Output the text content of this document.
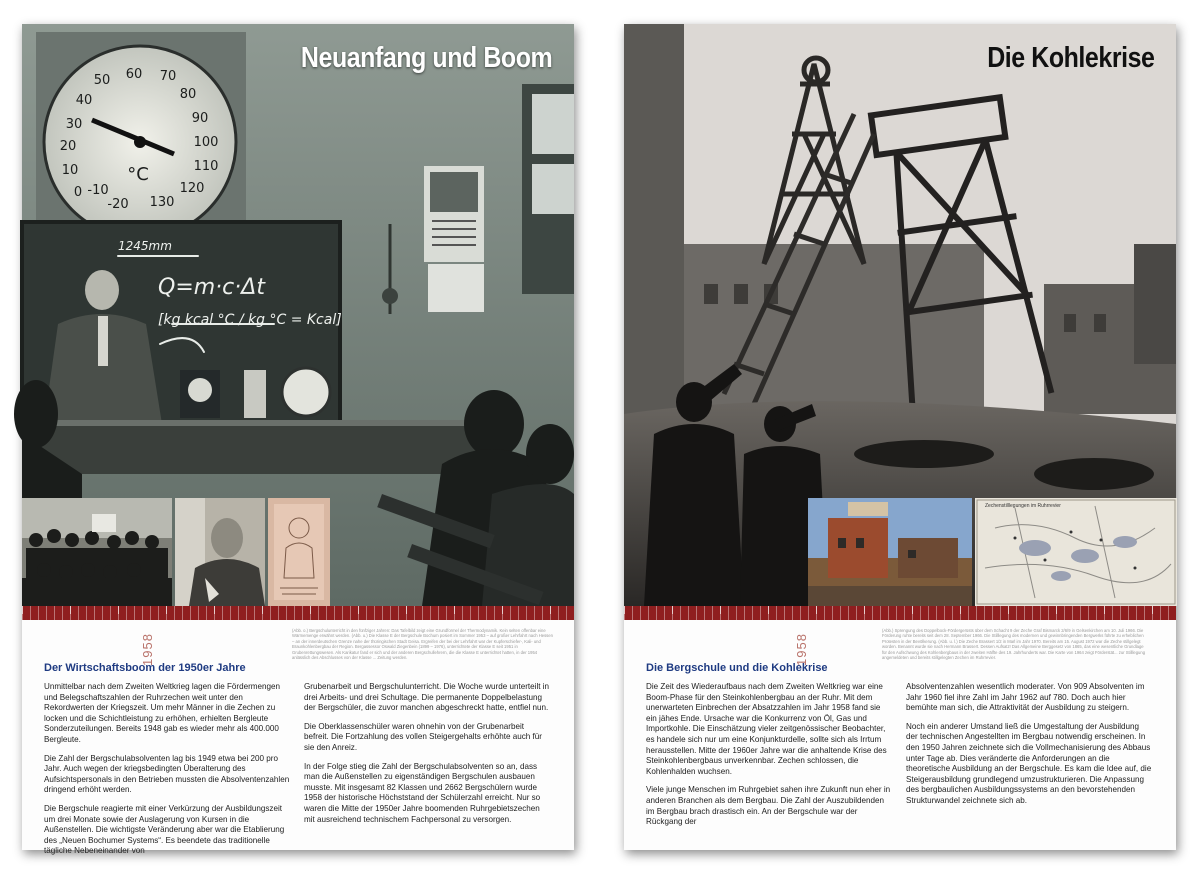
60 70
50
40
30
20
10
0 -10
-20 130
120
110
100
90
80
°C
1245mm
Q=m·c·Δt
[kg kcal °C / kg °C = Kcal]
Neuanfang und Boom
1958
(Abb. o.) Bergschulunterricht in den fünfziger Jahren: Das Tafelbild zeigt eine Grundformel der Thermodynamik. Kein selten offenbar eine Wärmemenge erwähnt werden. (Abb. u.) Die Klasse E der Bergschule Bochum posiert im Sommer 1953 – auf großer Lehrfahrt nach Hessen – an der innerdeutschen Grenze nahe der thüringischen Stadt Geisa. Ergreifen der bei der Lehrfahrt war der Kupferschiefer-, Kali- und Braunkohlenbergbau der Region. Bergassessor Oswald Ziegenbein (1899 – 1976), unterrichtete der Klasse E seit 1951 in Grubenrettungswesen. Als Karikatur fand er sich und der anderen Bergschullehrern, die die Klasse E unterrichtet hatten, in der 1954 anlässlich des Abschlusses von der Klasse ... Zeitung werden.
Der Wirtschaftsboom der 1950er Jahre

Unmittelbar nach dem Zweiten Weltkrieg lagen die Fördermengen und Belegschaftszahlen der Ruhrzechen weit unter den Rekordwerten der Kriegszeit. Um mehr Männer in die Zechen zu locken und die Schichtleistung zu erhöhen, erhielten Bergleute Sonderzuteilungen. Bereits 1948 gab es wieder mehr als 400.000 Bergleute.

Die Zahl der Bergschulabsolventen lag bis 1949 etwa bei 200 pro Jahr. Auch wegen der kriegsbedingten Überalterung des Aufsichtspersonals in den Betrieben mussten die Absolventenzahlen dringend erhöht werden.

Die Bergschule reagierte mit einer Verkürzung der Ausbildungszeit um drei Monate sowie der Auslagerung von Kursen in die Außenstellen. Die wichtigste Veränderung aber war die Etablierung des „Neuen Bochumer Systems“. Es beendete das traditionelle tägliche Nebeneinander von

Grubenarbeit und Bergschulunterricht. Die Woche wurde unterteilt in drei Arbeits- und drei Schultage. Die permanente Doppelbelastung der Bergschüler, die zuvor manchen abgeschreckt hatte, entfiel nun.

Die Oberklassenschüler waren ohnehin von der Grubenarbeit befreit. Die Fortzahlung des vollen Steigergehalts erhöhte auch für sie den Anreiz.

In der Folge stieg die Zahl der Bergschulabsolventen so an, dass man die Außenstellen zu eigenständigen Bergschulen ausbauen musste. Mit insgesamt 82 Klassen und 2662 Bergschülern wurde 1958 der historische Höchststand der Schülerzahl erreicht. Nur so waren die Mitte der 1950er Jahre boomenden Ruhrgebietszechen mit ausreichend technischem Fachpersonal zu versorgen.

Die Kohlekrise
Zechenstilllegungen im Ruhrrevier
1958
(Abb.) Sprengung des Doppelbock-Fördergerüsts über dem Schacht 9 der Zeche Graf Bismarck 2/6/9 in Gelsenkirchen am 10. Juli 1966. Die Förderung ruhte bereits seit dem 28. September 1966. Die Stilllegung des modernen und gewinnbringenden Bergwerks führte zu erheblichen Protesten in der Bevölkerung. (Abb. u. l.) Die Zeche Brassert 1/2 in Marl im Jahr 1970. Bereits am 15. August 1972 war die Zeche stillgelegt worden. Benannt wurde sie nach Hermann Brassert. Dessen Aufsatz! Das Allgemeine Berggesetz von 1865, das eine wesentliche Grundlage für den Aufschwung des Kohlenbergbaus in der zweiten Hälfte des 19. Jahrhunderts war. Die Karte von 1964 zeigt Förderstät... zur Stilllegung angemeldeten und bereits stillgelegten Zechen im Ruhrrevier.
Die Bergschule und die Kohlekrise

Die Zeit des Wiederaufbaus nach dem Zweiten Weltkrieg war eine Boom-Phase für den Steinkohlenbergbau an der Ruhr. Mit dem unerwarteten Einbrechen der Absatzzahlen im Jahr 1958 fand sie ein jähes Ende. Ursache war die Konkurrenz von Öl, Gas und Importkohle. Die Einschätzung vieler zeitgenössischer Beobachter, es handele sich nur um eine Konjunkturdelle, sollte sich als Irrtum herausstellen. Mitte der 1960er Jahre war die anhaltende Krise des Steinkohlenbergbaus unverkennbar. Zechen schlossen, die Kohlenhalden wuchsen.

Viele junge Menschen im Ruhrgebiet sahen ihre Zukunft nun eher in anderen Branchen als dem Bergbau. Die Zahl der Auszubildenden im Bergbau brach drastisch ein. An der Bergschule war der Rückgang der

Absolventenzahlen wesentlich moderater. Von 909 Absolventen im Jahr 1960 fiel ihre Zahl im Jahr 1962 auf 780. Doch auch hier bemühte man sich, die Attraktivität der Ausbildung zu steigern.

Noch ein anderer Umstand ließ die Umgestaltung der Ausbildung der technischen Angestellten im Bergbau notwendig erscheinen. In den 1950 Jahren zeichnete sich die Vollmechanisierung des Abbaus unter Tage ab. Dies veränderte die Anforderungen an die theoretische Ausbildung an der Bergschule. Es kam die Idee auf, die Steigerausbildung grundlegend umzustrukturieren. Die Anpassung des bergbaulichen Ausbildungssystems an den bevorstehenden Strukturwandel zeichnete sich ab.
